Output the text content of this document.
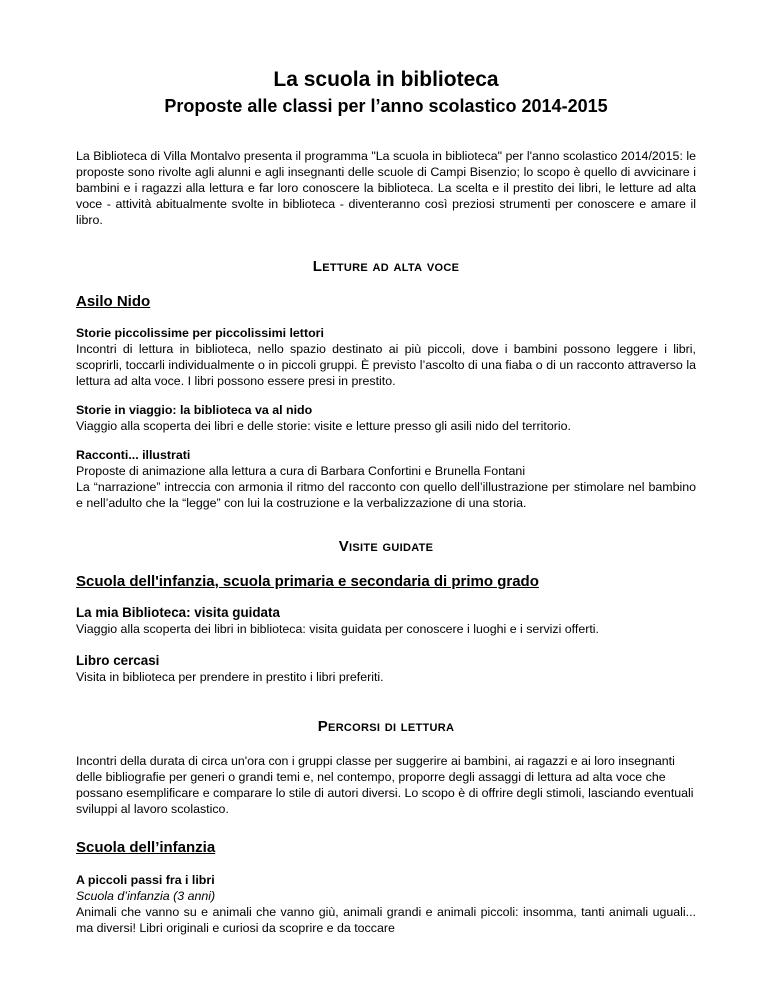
La scuola in biblioteca
Proposte alle classi per l’anno scolastico 2014-2015
La Biblioteca di Villa Montalvo presenta il programma "La scuola in biblioteca" per l'anno scolastico 2014/2015: le proposte sono rivolte agli alunni e agli insegnanti delle scuole di Campi Bisenzio; lo scopo è quello di avvicinare i bambini e i ragazzi alla lettura e far loro conoscere la biblioteca. La scelta e il prestito dei libri, le letture ad alta voce - attività abitualmente svolte in biblioteca - diventeranno così preziosi strumenti per conoscere e amare il libro.
Letture ad alta voce
Asilo Nido
Storie piccolissime per piccolissimi lettori
Incontri di lettura in biblioteca, nello spazio destinato ai più piccoli, dove i bambini possono leggere i libri, scoprirli, toccarli individualmente o in piccoli gruppi. È previsto l’ascolto di una fiaba o di un racconto attraverso la lettura ad alta voce. I libri possono essere presi in prestito.
Storie in viaggio: la biblioteca va al nido
Viaggio alla scoperta dei libri e delle storie: visite e letture presso gli asili nido del territorio.
Racconti... illustrati
Proposte di animazione alla lettura a cura di Barbara Confortini e Brunella Fontani
La “narrazione” intreccia con armonia il ritmo del racconto con quello dell’illustrazione per stimolare nel bambino e nell’adulto che la “legge” con lui la costruzione e la verbalizzazione di una storia.
Visite guidate
Scuola dell'infanzia, scuola primaria e secondaria di primo grado
La mia Biblioteca: visita guidata
Viaggio alla scoperta dei libri in biblioteca: visita guidata per conoscere i luoghi e i servizi offerti.
Libro cercasi
Visita in biblioteca per prendere in prestito i libri preferiti.
Percorsi di lettura
Incontri della durata di circa un'ora con i gruppi classe per suggerire ai bambini, ai ragazzi e ai loro insegnanti delle bibliografie per generi o grandi temi e, nel contempo, proporre degli assaggi di lettura ad alta voce che possano esemplificare e comparare lo stile di autori diversi. Lo scopo è di offrire degli stimoli, lasciando eventuali sviluppi al lavoro scolastico.
Scuola dell’infanzia
A piccoli passi fra i libri
Scuola d’infanzia (3 anni)
Animali che vanno su e animali che vanno giù, animali grandi e animali piccoli: insomma, tanti animali uguali... ma diversi! Libri originali e curiosi da scoprire e da toccare
